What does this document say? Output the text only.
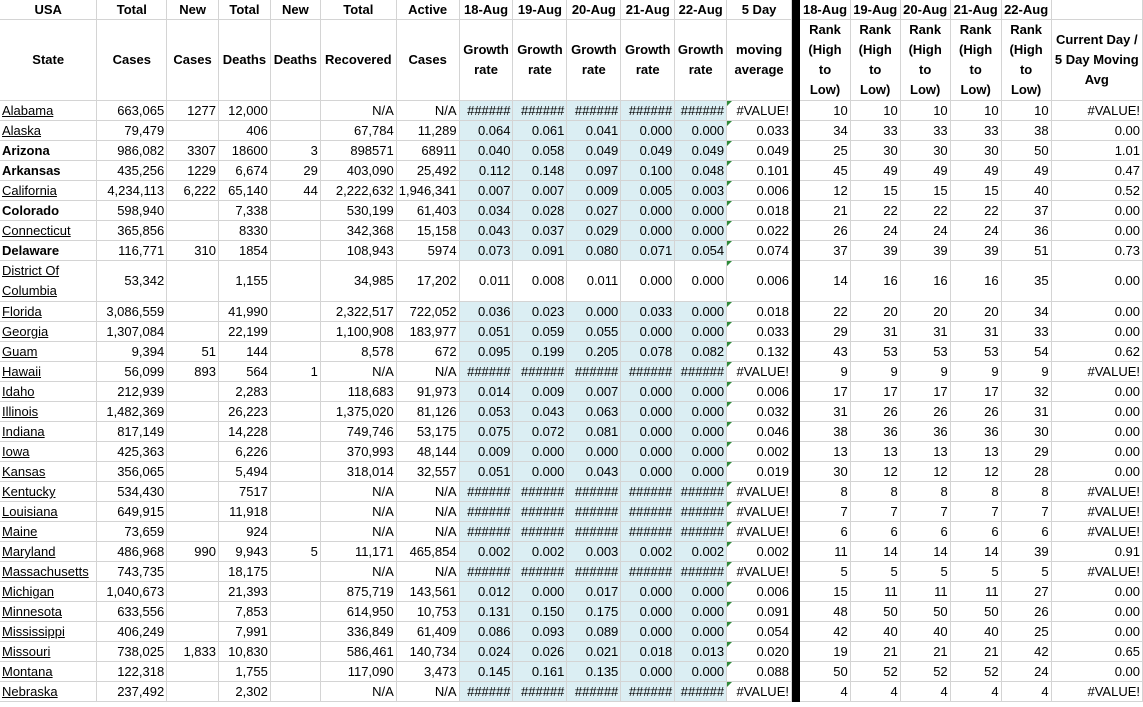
USA	Total	New	Total	New	Total	Active	18-Aug	19-Aug	20-Aug	21-Aug	22-Aug	5 Day		18-Aug	19-Aug	20-Aug	21-Aug	22-Aug	
State	Cases	Cases	Deaths	Deaths	Recovered	Cases	Growth rate	Growth rate	Growth rate	Growth rate	Growth rate	moving average		Rank (High to Low)	Rank (High to Low)	Rank (High to Low)	Rank (High to Low)	Rank (High to Low)	Current Day / 5 Day Moving Avg
Alabama	663,065	1277	12,000		N/A	N/A	######	######	######	######	######	#VALUE!		10	10	10	10	10	#VALUE!
Alaska	79,479		406		67,784	11,289	0.064	0.061	0.041	0.000	0.000	0.033		34	33	33	33	38	0.00
Arizona	986,082	3307	18600	3	898571	68911	0.040	0.058	0.049	0.049	0.049	0.049		25	30	30	30	50	1.01
Arkansas	435,256	1229	6,674	29	403,090	25,492	0.112	0.148	0.097	0.100	0.048	0.101		45	49	49	49	49	0.47
California	4,234,113	6,222	65,140	44	2,222,632	1,946,341	0.007	0.007	0.009	0.005	0.003	0.006		12	15	15	15	40	0.52
Colorado	598,940		7,338		530,199	61,403	0.034	0.028	0.027	0.000	0.000	0.018		21	22	22	22	37	0.00
Connecticut	365,856		8330		342,368	15,158	0.043	0.037	0.029	0.000	0.000	0.022		26	24	24	24	36	0.00
Delaware	116,771	310	1854		108,943	5974	0.073	0.091	0.080	0.071	0.054	0.074		37	39	39	39	51	0.73
District Of Columbia	53,342		1,155		34,985	17,202	0.011	0.008	0.011	0.000	0.000	0.006		14	16	16	16	35	0.00
Florida	3,086,559		41,990		2,322,517	722,052	0.036	0.023	0.000	0.033	0.000	0.018		22	20	20	20	34	0.00
Georgia	1,307,084		22,199		1,100,908	183,977	0.051	0.059	0.055	0.000	0.000	0.033		29	31	31	31	33	0.00
Guam	9,394	51	144		8,578	672	0.095	0.199	0.205	0.078	0.082	0.132		43	53	53	53	54	0.62
Hawaii	56,099	893	564	1	N/A	N/A	######	######	######	######	######	#VALUE!		9	9	9	9	9	#VALUE!
Idaho	212,939		2,283		118,683	91,973	0.014	0.009	0.007	0.000	0.000	0.006		17	17	17	17	32	0.00
Illinois	1,482,369		26,223		1,375,020	81,126	0.053	0.043	0.063	0.000	0.000	0.032		31	26	26	26	31	0.00
Indiana	817,149		14,228		749,746	53,175	0.075	0.072	0.081	0.000	0.000	0.046		38	36	36	36	30	0.00
Iowa	425,363		6,226		370,993	48,144	0.009	0.000	0.000	0.000	0.000	0.002		13	13	13	13	29	0.00
Kansas	356,065		5,494		318,014	32,557	0.051	0.000	0.043	0.000	0.000	0.019		30	12	12	12	28	0.00
Kentucky	534,430		7517		N/A	N/A	######	######	######	######	######	#VALUE!		8	8	8	8	8	#VALUE!
Louisiana	649,915		11,918		N/A	N/A	######	######	######	######	######	#VALUE!		7	7	7	7	7	#VALUE!
Maine	73,659		924		N/A	N/A	######	######	######	######	######	#VALUE!		6	6	6	6	6	#VALUE!
Maryland	486,968	990	9,943	5	11,171	465,854	0.002	0.002	0.003	0.002	0.002	0.002		11	14	14	14	39	0.91
Massachusetts	743,735		18,175		N/A	N/A	######	######	######	######	######	#VALUE!		5	5	5	5	5	#VALUE!
Michigan	1,040,673		21,393		875,719	143,561	0.012	0.000	0.017	0.000	0.000	0.006		15	11	11	11	27	0.00
Minnesota	633,556		7,853		614,950	10,753	0.131	0.150	0.175	0.000	0.000	0.091		48	50	50	50	26	0.00
Mississippi	406,249		7,991		336,849	61,409	0.086	0.093	0.089	0.000	0.000	0.054		42	40	40	40	25	0.00
Missouri	738,025	1,833	10,830		586,461	140,734	0.024	0.026	0.021	0.018	0.013	0.020		19	21	21	21	42	0.65
Montana	122,318		1,755		117,090	3,473	0.145	0.161	0.135	0.000	0.000	0.088		50	52	52	52	24	0.00
Nebraska	237,492		2,302		N/A	N/A	######	######	######	######	######	#VALUE!		4	4	4	4	4	#VALUE!
